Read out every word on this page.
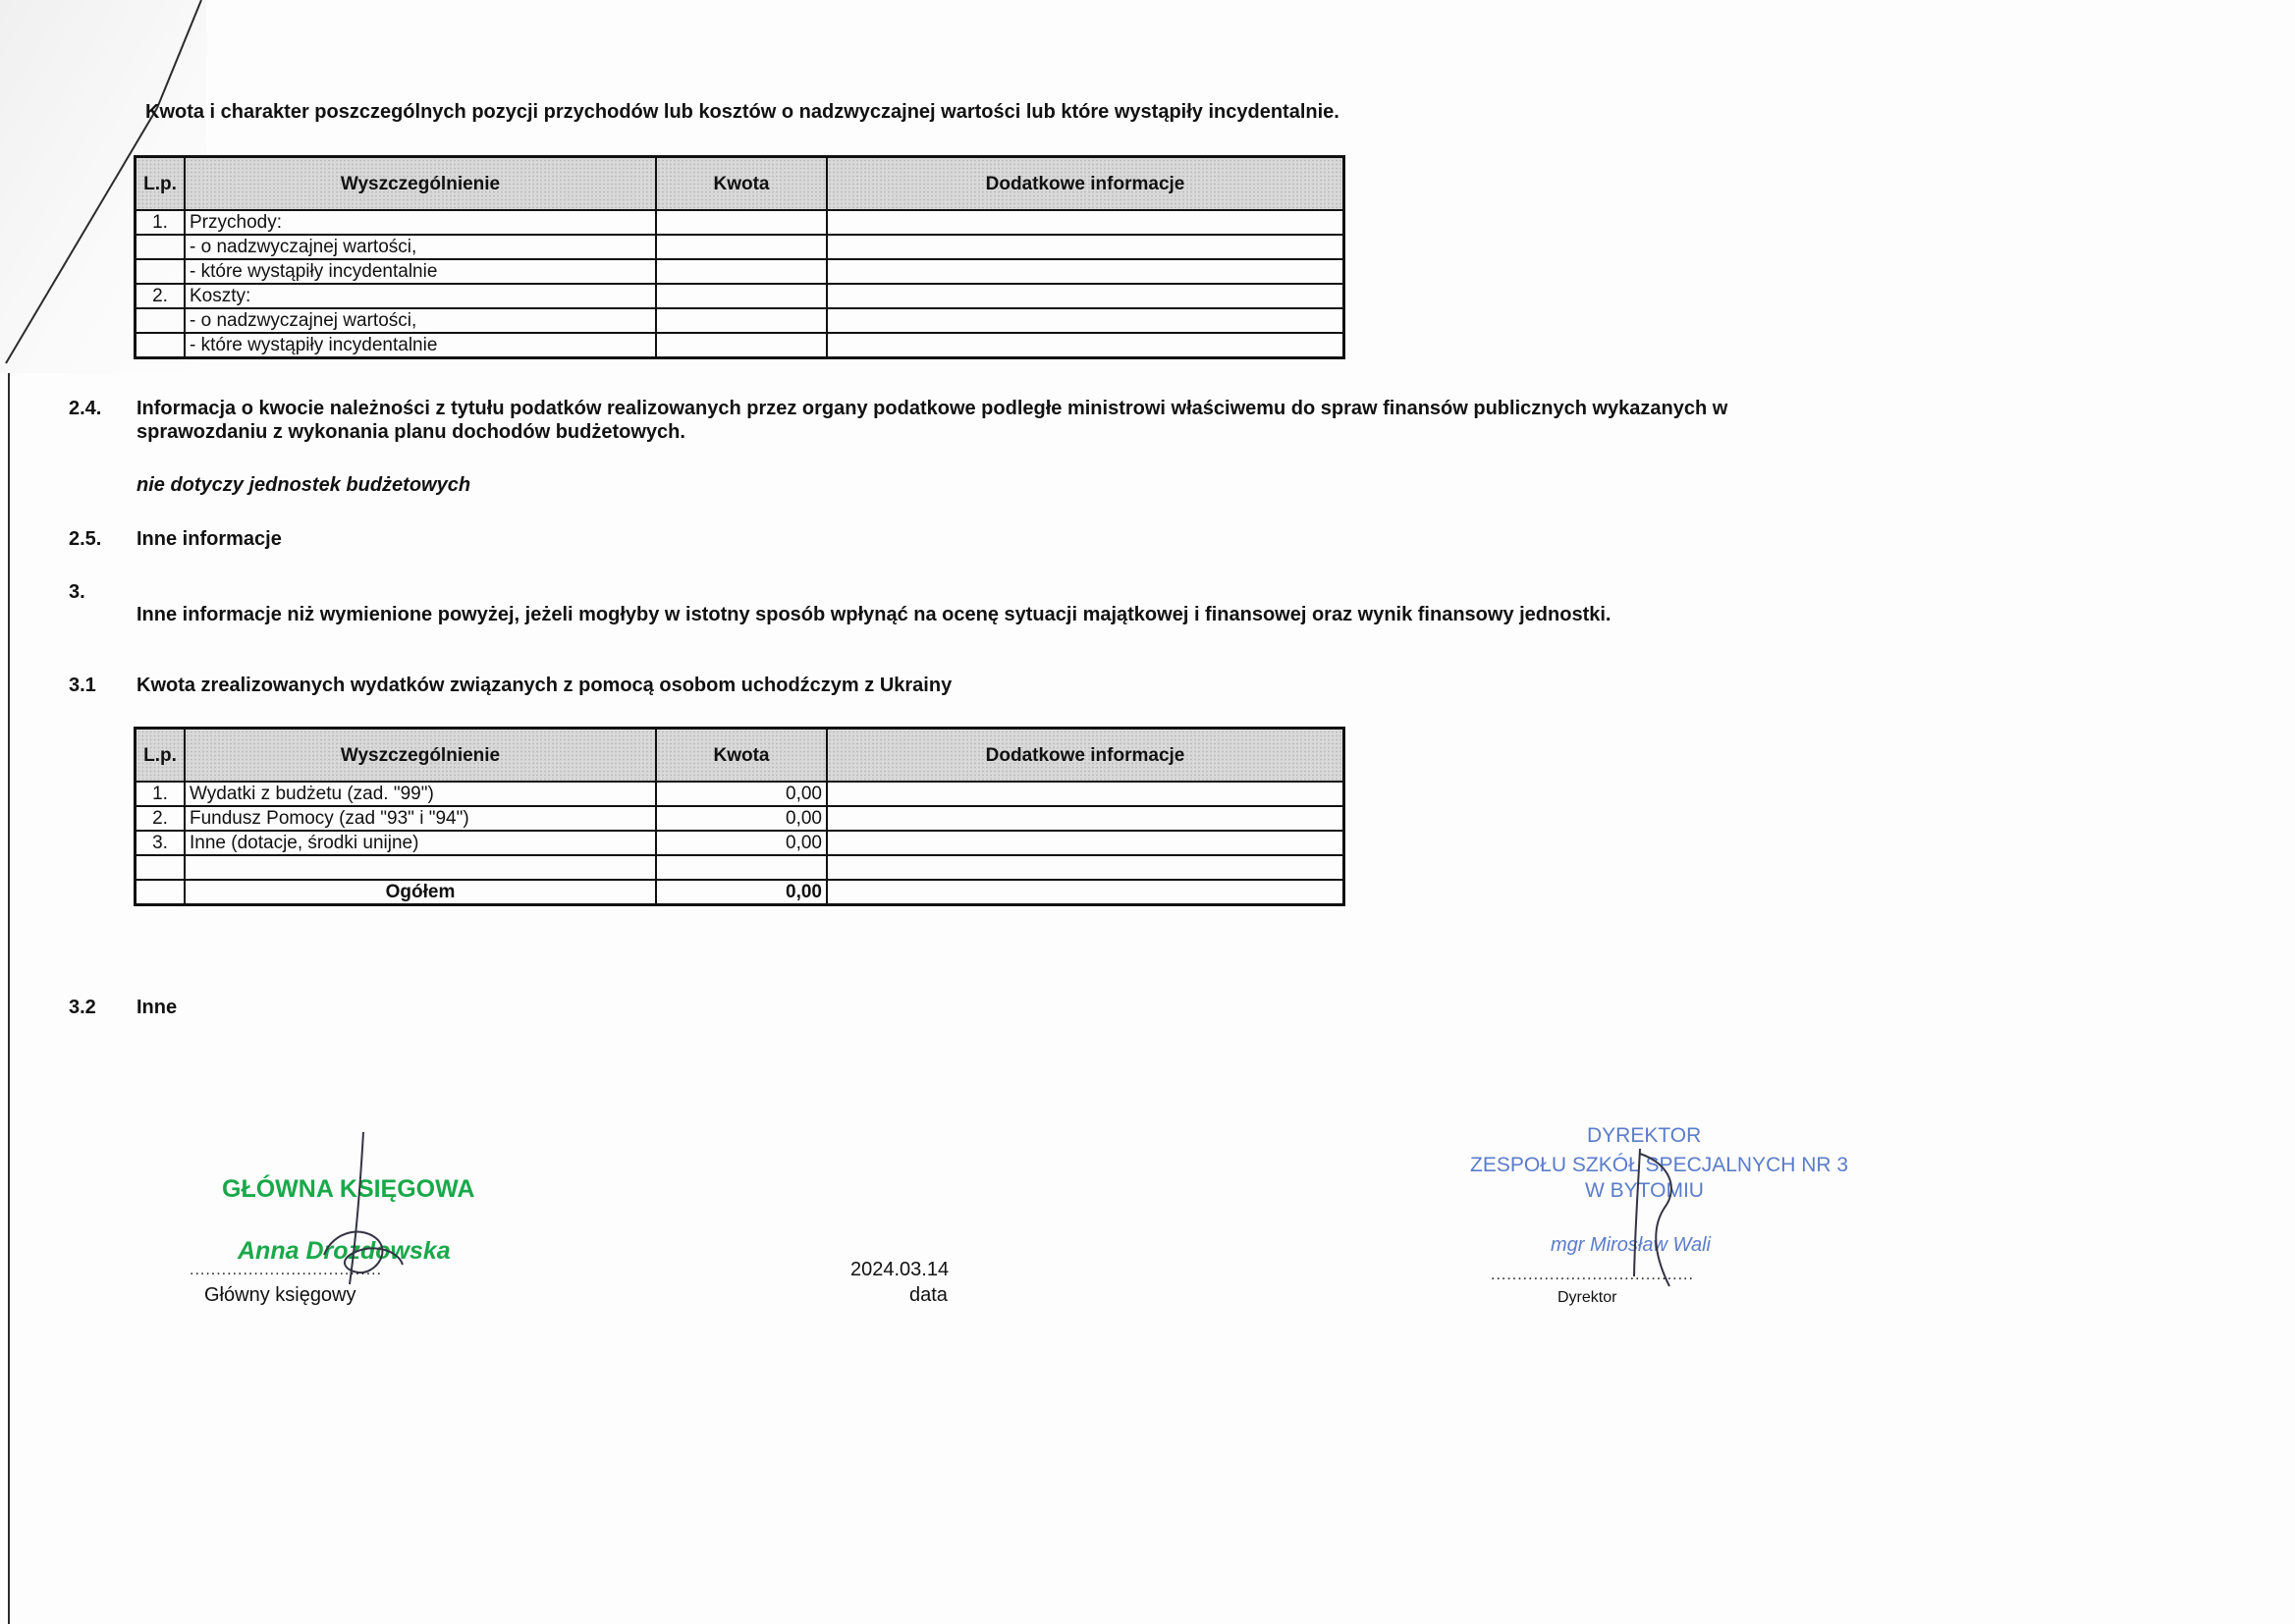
Kwota i charakter poszczególnych pozycji przychodów lub kosztów o nadzwyczajnej wartości lub które wystąpiły incydentalnie.
L.p.	Wyszczególnienie	Kwota	Dodatkowe informacje
1.	Przychody:		
	- o nadzwyczajnej wartości,		
	- które wystąpiły incydentalnie		
2.	Koszty:		
	- o nadzwyczajnej wartości,		
	- które wystąpiły incydentalnie		
2.4. Informacja o kwocie należności z tytułu podatków realizowanych przez organy podatkowe podległe ministrowi właściwemu do spraw finansów publicznych wykazanych w
sprawozdaniu z wykonania planu dochodów budżetowych.
nie dotyczy jednostek budżetowych
2.5. Inne informacje
3.
Inne informacje niż wymienione powyżej, jeżeli mogłyby w istotny sposób wpłynąć na ocenę sytuacji majątkowej i finansowej oraz wynik finansowy jednostki.
3.1 Kwota zrealizowanych wydatków związanych z pomocą osobom uchodźczym z Ukrainy
L.p.	Wyszczególnienie	Kwota	Dodatkowe informacje
1.	Wydatki z budżetu (zad. "99")	0,00	
2.	Fundusz Pomocy (zad "93" i "94")	0,00	
3.	Inne (dotacje, środki unijne)	0,00	

	Ogółem	0,00	
3.2 Inne
GŁÓWNA KSIĘGOWA
Anna Drozdowska
....................................
Główny księgowy
2024.03.14
data
DYREKTOR
ZESPOŁU SZKÓŁ SPECJALNYCH NR 3
W BYTOMIU
mgr Mirosław Wali
......................................
Dyrektor
